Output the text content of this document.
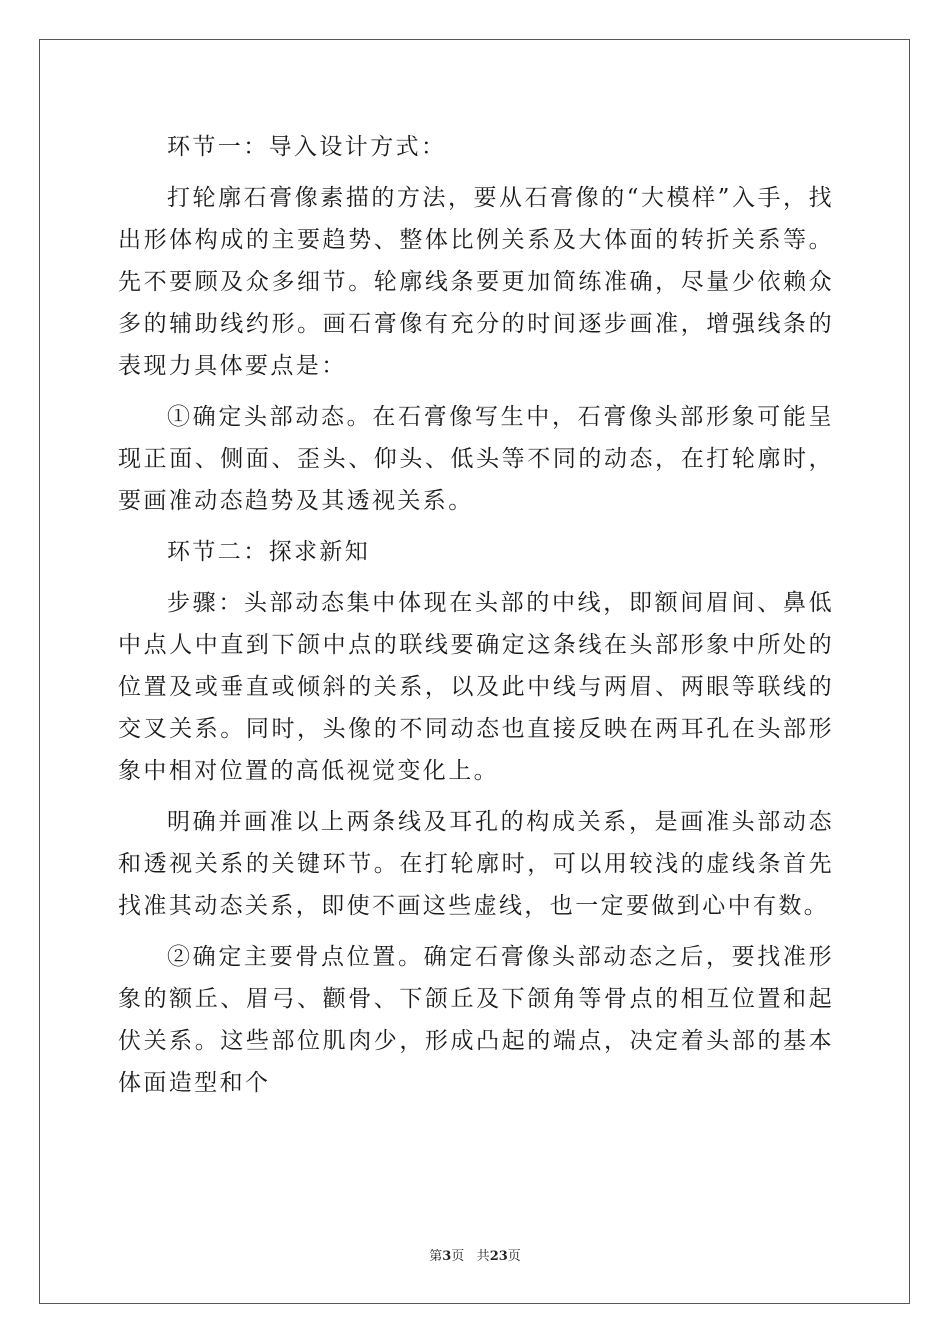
环节一：导入设计方式：

打轮廓石膏像素描的方法，要从石膏像的“大模样”入手，找出形体构成的主要趋势、整体比例关系及大体面的转折关系等。先不要顾及众多细节。轮廓线条要更加简练准确，尽量少依赖众多的辅助线约形。画石膏像有充分的时间逐步画准，增强线条的表现力具体要点是：

①确定头部动态。在石膏像写生中，石膏像头部形象可能呈现正面、侧面、歪头、仰头、低头等不同的动态，在打轮廓时，要画准动态趋势及其透视关系。

环节二：探求新知

步骤：头部动态集中体现在头部的中线，即额间眉间、鼻低中点人中直到下颌中点的联线要确定这条线在头部形象中所处的位置及或垂直或倾斜的关系，以及此中线与两眉、两眼等联线的交叉关系。同时，头像的不同动态也直接反映在两耳孔在头部形象中相对位置的高低视觉变化上。

明确并画准以上两条线及耳孔的构成关系，是画准头部动态和透视关系的关键环节。在打轮廓时，可以用较浅的虚线条首先找准其动态关系，即使不画这些虚线，也一定要做到心中有数。

②确定主要骨点位置。确定石膏像头部动态之后，要找准形象的额丘、眉弓、颧骨、下颌丘及下颌角等骨点的相互位置和起伏关系。这些部位肌肉少，形成凸起的端点，决定着头部的基本体面造型和个

第3页 共23页
